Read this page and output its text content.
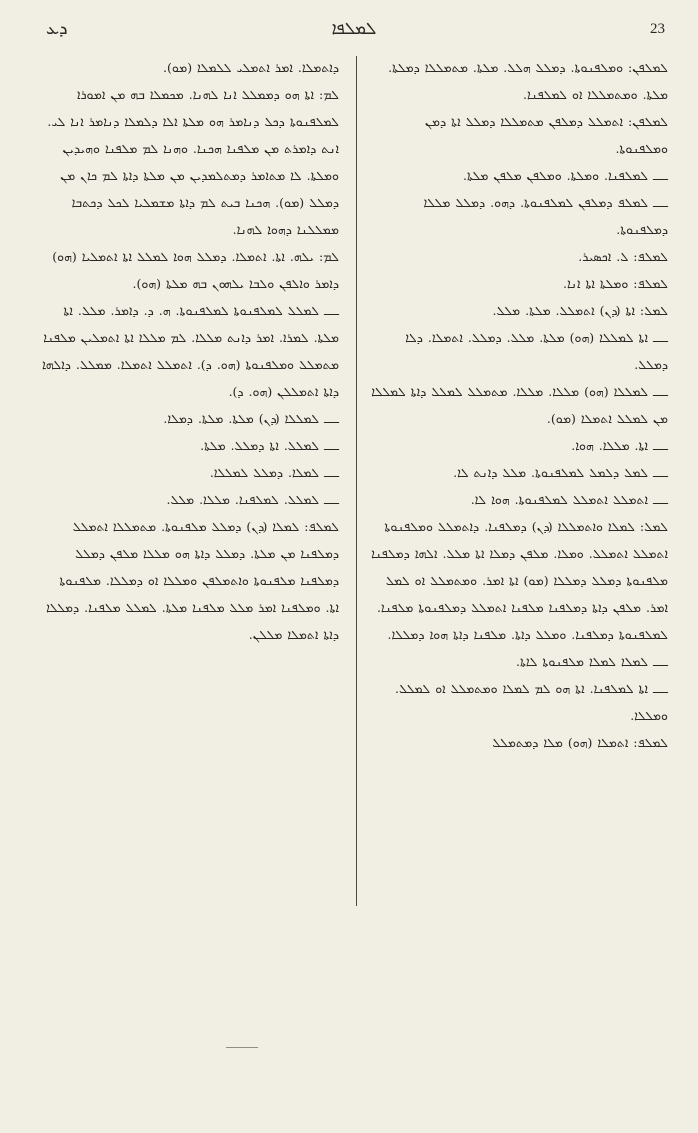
ܕܥ	ܠܡܠܦܐ	23

ܕܐܬܡܠܐ. ܐܡܪ ܐܬܡܠܝ ܠܠܡܠܐ (ܡܘ).

ܠܡ: ܐܬܐ ܗܘ ܕܡܡܠܠ ܐܢܐ ܠܗܢܐ. ܡܟܡܠܐ ܒܗ ܡܢ ܐܡܘܪܐ ܠܡܠܦܢܘܬܐ ܕܟܠ ܕܢܐܡܪ ܗܘ ܡܠܬܐ ܐܠܐ ܕܠܡܠܐ ܕܢܐܡܪ ܐܢܐ ܠܝ. ܐܢܬ ܕܐܡܪܬ ܡܢ ܡܠܦܢܐ ܗܟܢܐ. ܘܗܢܐ ܠܡ ܡܠܦܢܐ ܘܗܝܕܝܢ ܘܡܠܬܐ. ܠܐ ܡܬܐܡܪ ܕܡܬܠܡܕܝܢ ܡܢ ܡܠܬܐ ܕܐܬܐ ܠܡ ܟܐܢ ܡܢ ܕܡܠܠ (ܡܘ). ܗܟܢܐ ܒܝܬ ܠܡ ܕܐܬܐ ܡܫܡܠܝܐ ܠܟܠ ܕܟܬܒܐ ܡܡܠܠܢܐ ܕܗܘܐ ܠܗܢܐ.

ܠܡ: ܝܠܗ. ܐܬܐ. ܐܬܡܠܐ. ܕܡܠܠ ܗܘܐ ܠܡܠܠ ܐܬܐ ܐܬܡܠܝܐ (ܗܘ) ܕܐܡܪ ܘܐܠܦܢ ܘܠܒܐ ܝܠܗܘܢ ܒܗ ܡܠܬܐ (ܗܘ).

ـــ ܠܡܠܠ ܠܡܠܦܢܘܬܐ ܠܡܠܦܢܘܬܐ. ܗ. ܕ. ܕܐܡܪ. ܡܠܠ. ܐܬܐ ܡܠܬܐ. ܠܡܪܐ. ܐܡܪ ܕܐܢܬ ܡܠܠܐ. ܠܡ ܡܠܠܐ ܐܬܐ ܐܬܡܠܝܢ ܡܠܦܢܐ ܡܬܡܠܠ ܘܡܠܦܢܘܬܐ (ܗܘ. ܕ). ܐܬܡܠܠ ܐܬܡܠܐ. ܡܡܠܠ. ܕܐܠܗܐ ܕܐܬܐ ܐܬܡܠܠܢ (ܗܘ. ܕ).

ـــ ܠܡܠܠܐ (ܕܢ) ܡܠܬܐ. ܡܠܬܐ. ܕܡܠܐ.

ـــ ܠܡܠܠ. ܐܬܐ ܕܡܠܠ. ܡܠܬܐ.

ـــ ܠܡܠܐ. ܕܡܠܠ ܠܡܠܠܐ.

ـــ ܠܡܠܠ. ܠܡܠܦܢܐ. ܡܠܠܐ. ܡܠܠ.

ܠܡܠܦ: ܠܡܠܐ (ܕܢ) ܕܡܠܠ ܡܠܦܢܘܬܐ. ܡܬܡܠܠܐ ܐܬܡܠܠ ܕܡܠܦܢܐ ܡܢ ܡܠܬܐ. ܕܡܠܠ ܕܐܬܐ ܗܘ ܡܠܠܐ ܡܠܦܢ ܕܡܠܠ ܕܡܠܦܢܐ ܡܠܦܢܘܬܐ ܘܐܬܡܠܦܢ ܘܡܠܠܐ ܐܘ ܕܡܠܠܐ. ܡܠܦܢܘܬܐ ܐܬܐ. ܘܡܠܦܢܐ ܐܡܪ ܡܠܠ ܡܠܦܢܐ ܡܠܬܐ. ܠܡܠܠ ܡܠܦܢܐ. ܕܡܠܠܐ ܕܐܬܐ ܐܬܡܠܐ ܡܠܠܢ.

ܠܡܠܦܢ: ܘܡܠܦܢܘܬܐ. ܕܡܠܠ ܗܠܠ. ܡܠܬܐ. ܡܬܡܠܠܐ ܕܡܠܬܐ. ܡܠܬܐ. ܘܡܬܡܠܠܐ ܐܘ ܠܡܠܦܢܐ.

ܠܡܠܦܢ: ܐܬܡܠܠ ܕܡܠܦܢ ܡܬܡܠܠܐ ܕܡܠܠ ܐܬܐ ܕܡܢ ܘܡܠܦܢܘܬܐ.

ـــ ܠܡܠܦܢܐ. ܘܡܠܬܐ. ܘܡܠܦܢ ܡܠܦܢ ܡܠܬܐ.

ـــ ܠܡܠܦ ܕܡܠܦܢ ܠܡܠܦܢܘܬܐ. ܕܗܘ. ܕܡܠܠ ܡܠܠܐ ܕܡܠܦܢܘܬܐ.

ܠܡܠܦ: ܠ. ܐܟܣܝܪ.

ܠܡܠܦ: ܘܡܠܬܐ ܐܬܐ ܐܢܐ.

ܠܡܠ: ܐܬܐ (ܕܢ) ܐܬܡܠܠ. ܡܠܬܐ. ܡܠܠ.

ـــ ܐܬܐ ܠܡܠܠܐ (ܗܘ) ܡܠܬܐ. ܡܠܠ. ܕܡܠܠ. ܐܬܡܠܐ. ܕܠܐ ܕܡܠܠ.

ـــ ܠܡܠܠܐ (ܗܘ) ܡܠܠܐ. ܡܠܠܐ. ܡܬܡܠܠ ܠܡܠܠ ܕܐܬܐ ܠܡܠܠܐ ܡܢ ܠܡܠܠ ܐܬܡܠܐ (ܡܘ).

ـــ ܐܬܐ. ܡܠܠܐ. ܗܘܐ.

ـــ ܠܡܠ ܕܠܡܠ ܠܡܠܦܢܘܬܐ. ܡܠܠ ܕܐܢܬ ܠܐ.

ـــ ܐܬܡܠܠ ܐܬܡܠܠ ܠܡܠܦܢܘܬܐ. ܗܘܐ ܠܐ.

ܠܡܠ: ܠܡܠܐ ܘܐܬܡܠܠܐ (ܕܢ) ܕܡܠܦܢܐ. ܕܐܬܡܠܠ ܘܡܠܦܢܘܬܐ ܐܬܡܠܠ ܐܬܡܠܠ. ܘܡܠܐ. ܡܠܦܢ ܕܡܠܐ ܐܬܐ ܡܠܠ. ܐܠܗܐ ܕܡܠܦܢܐ ܡܠܦܢܘܬܐ ܕܡܠܠ ܕܡܠܠܐ (ܡܘ) ܐܬܐ ܐܡܪ. ܘܡܬܡܠܠ ܐܘ ܠܡܠ ܐܡܪ. ܡܠܦܢ ܕܐܬܐ ܕܡܠܦܢܐ ܡܠܦܢܐ ܐܬܡܠܠ ܕܡܠܦܢܘܬܐ ܡܠܦܢܐ. ܠܡܠܦܢܘܬܐ ܕܡܠܦܢܐ. ܘܡܠܠ ܕܐܬܐ. ܡܠܦܢܐ ܕܐܬܐ ܗܘܐ ܕܡܠܠܐ.

ـــ ܠܡܠܐ ܠܡܠܐ ܡܠܦܢܘܬܐ ܠܐܬܐ.

ـــ ܐܬܐ ܠܡܠܦܢܐ. ܐܬܐ ܗܘ ܠܡ ܠܡܠܐ ܘܡܬܡܠܠ ܐܘ ܠܡܠܠ. ܘܡܠܠܐ.

ܠܡܠܦ: ܐܬܡܠܐ (ܗܘ) ܡܠܐ ܕܡܬܡܠܠ
